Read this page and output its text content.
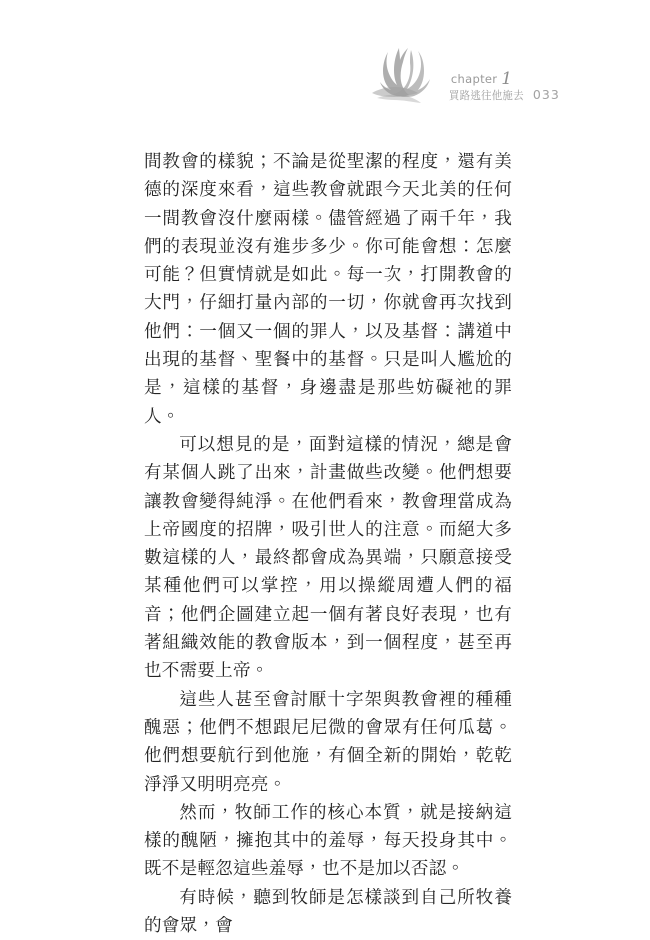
chapter 1
買路逃往他施去 033

間教會的樣貌；不論是從聖潔的程度，還有美德的深度來看，這些教會就跟今天北美的任何一間教會沒什麼兩樣。儘管經過了兩千年，我們的表現並沒有進步多少。你可能會想：怎麼可能？但實情就是如此。每一次，打開教會的大門，仔細打量內部的一切，你就會再次找到他們：一個又一個的罪人，以及基督：講道中出現的基督、聖餐中的基督。只是叫人尷尬的是，這樣的基督，身邊盡是那些妨礙祂的罪人。

可以想見的是，面對這樣的情況，總是會有某個人跳了出來，計畫做些改變。他們想要讓教會變得純淨。在他們看來，教會理當成為上帝國度的招牌，吸引世人的注意。而絕大多數這樣的人，最終都會成為異端，只願意接受某種他們可以掌控，用以操縱周遭人們的福音；他們企圖建立起一個有著良好表現，也有著組織效能的教會版本，到一個程度，甚至再也不需要上帝。

這些人甚至會討厭十字架與教會裡的種種醜惡；他們不想跟尼尼微的會眾有任何瓜葛。他們想要航行到他施，有個全新的開始，乾乾淨淨又明明亮亮。

然而，牧師工作的核心本質，就是接納這樣的醜陋，擁抱其中的羞辱，每天投身其中。既不是輕忽這些羞辱，也不是加以否認。

有時候，聽到牧師是怎樣談到自己所牧養的會眾，會
